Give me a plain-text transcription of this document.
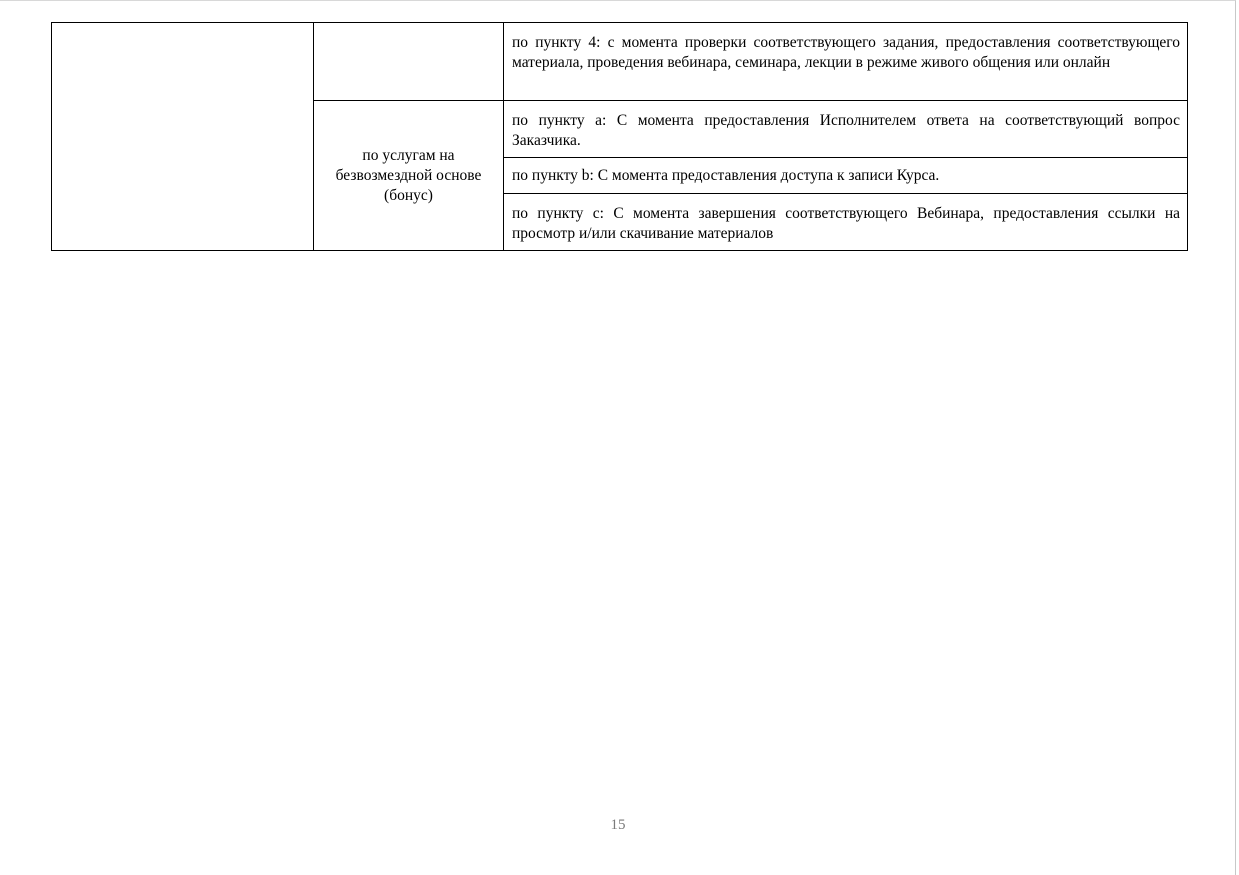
		по пункту 4: с момента проверки соответствующего задания, предоставления соответствующего материала, проведения вебинара, семинара, лекции в режиме живого общения или онлайн

	по услугам на безвозмездной основе (бонус)	по пункту a: С момента предоставления Исполнителем ответа на соответствующий вопрос Заказчика.

		по пункту b: С момента предоставления доступа к записи Курса.

		по пункту c: С момента завершения соответствующего Вебинара, предоставления ссылки на просмотр и/или скачивание материалов
15
